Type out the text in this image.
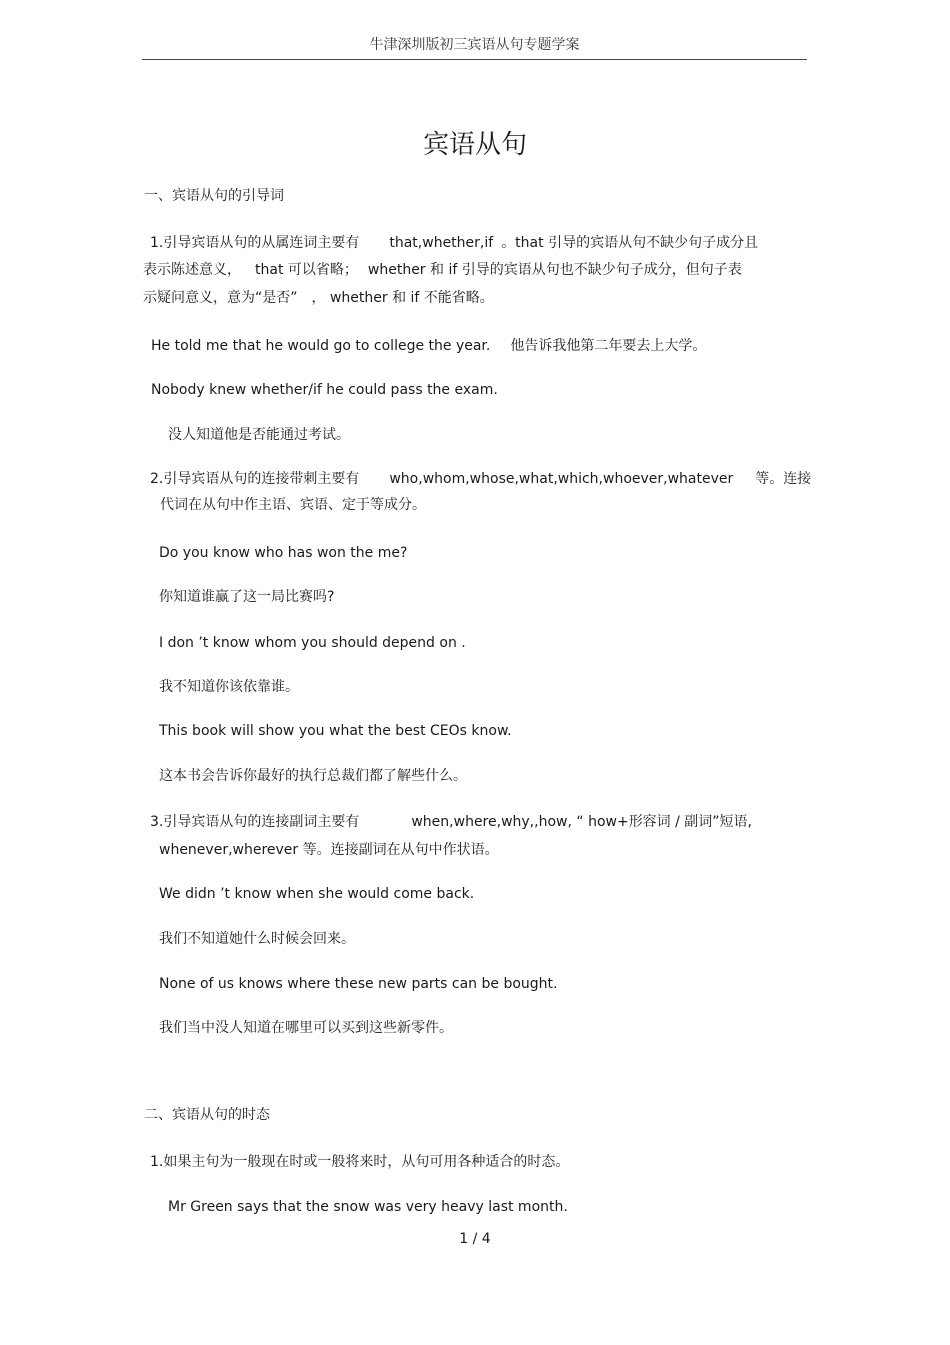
牛津深圳版初三宾语从句专题学案
宾语从句
一、宾语从句的引导词
1.引导宾语从句的从属连词主要有 that,whether,if 。that 引导的宾语从句不缺少句子成分且
表示陈述意义， that 可以省略； whether 和 if 引导的宾语从句也不缺少句子成分，但句子表
示疑问意义，意为“是否” ， whether 和 if 不能省略。
He told me that he would go to college the year. 他告诉我他第二年要去上大学。
Nobody knew whether/if he could pass the exam.
没人知道他是否能通过考试。
2.引导宾语从句的连接带刺主要有 who,whom,whose,what,which,whoever,whatever 等。连接
代词在从句中作主语、宾语、定于等成分。
Do you know who has won the me?
你知道谁赢了这一局比赛吗?
I don ’t know whom you should depend on .
我不知道你该依靠谁。
This book will show you what the best CEOs know.
这本书会告诉你最好的执行总裁们都了解些什么。
3.引导宾语从句的连接副词主要有	when,where,why,,how, “ how+形容词 / 副词”短语,
whenever,wherever 等。连接副词在从句中作状语。
We didn ’t know when she would come back.
我们不知道她什么时候会回来。
None of us knows where these new parts can be bought.
我们当中没人知道在哪里可以买到这些新零件。
二、宾语从句的时态
1.如果主句为一般现在时或一般将来时，从句可用各种适合的时态。
Mr Green says that the snow was very heavy last month.
1 / 4
